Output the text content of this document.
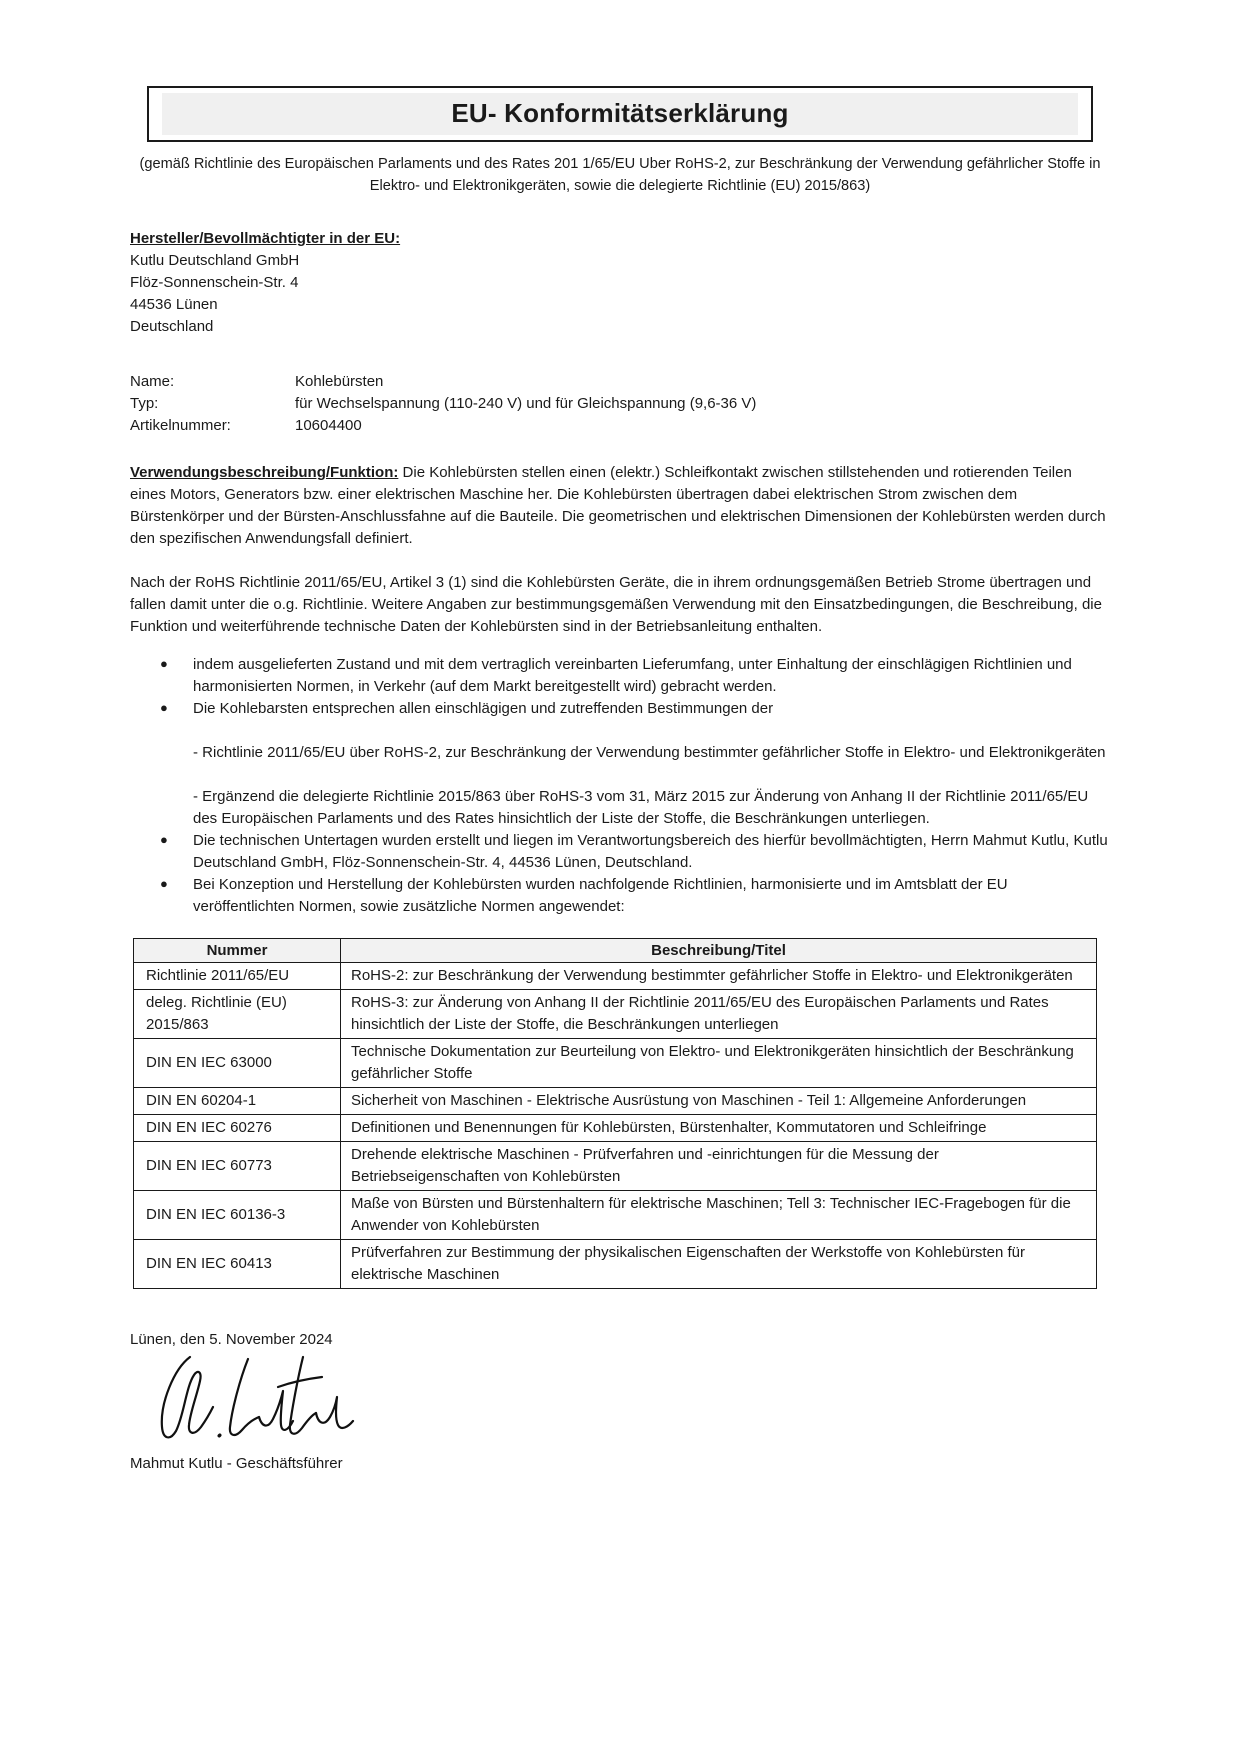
EU- Konformitätserklärung

(gemäß Richtlinie des Europäischen Parlaments und des Rates 201 1/65/EU Uber RoHS-2, zur Beschränkung der Verwendung gefährlicher Stoffe in Elektro- und Elektronikgeräten, sowie die delegierte Richtlinie (EU) 2015/863)

Hersteller/Bevollmächtigter in der EU:
Kutlu Deutschland GmbH
Flöz-Sonnenschein-Str. 4
44536 Lünen
Deutschland
Name:	Kohlebürsten
Typ:	für Wechselspannung (110-240 V) und für Gleichspannung (9,6-36 V)
Artikelnummer:	10604400

Verwendungsbeschreibung/Funktion: Die Kohlebürsten stellen einen (elektr.) Schleifkontakt zwischen stillstehenden und rotierenden Teilen eines Motors, Generators bzw. einer elektrischen Maschine her. Die Kohlebürsten übertragen dabei elektrischen Strom zwischen dem Bürstenkörper und der Bürsten-Anschlussfahne auf die Bauteile. Die geometrischen und elektrischen Dimensionen der Kohlebürsten werden durch den spezifischen Anwendungsfall definiert.

Nach der RoHS Richtlinie 2011/65/EU, Artikel 3 (1) sind die Kohlebürsten Geräte, die in ihrem ordnungsgemäßen Betrieb Strome übertragen und fallen damit unter die o.g. Richtlinie. Weitere Angaben zur bestimmungsgemäßen Verwendung mit den Einsatzbedingungen, die Beschreibung, die Funktion und weiterführende technische Daten der Kohlebürsten sind in der Betriebsanleitung enthalten.

● indem ausgelieferten Zustand und mit dem vertraglich vereinbarten Lieferumfang, unter Einhaltung der einschlägigen Richtlinien und harmonisierten Normen, in Verkehr (auf dem Markt bereitgestellt wird) gebracht werden.
● Die Kohlebarsten entsprechen allen einschlägigen und zutreffenden Bestimmungen der
- Richtlinie 2011/65/EU über RoHS-2, zur Beschränkung der Verwendung bestimmter gefährlicher Stoffe in Elektro- und Elektronikgeräten
- Ergänzend die delegierte Richtlinie 2015/863 über RoHS-3 vom 31, März 2015 zur Änderung von Anhang II der Richtlinie 2011/65/EU des Europäischen Parlaments und des Rates hinsichtlich der Liste der Stoffe, die Beschränkungen unterliegen.
● Die technischen Untertagen wurden erstellt und liegen im Verantwortungsbereich des hierfür bevollmächtigten, Herrn Mahmut Kutlu, Kutlu Deutschland GmbH, Flöz-Sonnenschein-Str. 4, 44536 Lünen, Deutschland.
● Bei Konzeption und Herstellung der Kohlebürsten wurden nachfolgende Richtlinien, harmonisierte und im Amtsblatt der EU veröffentlichten Normen, sowie zusätzliche Normen angewendet:
Nummer	Beschreibung/Titel
Richtlinie 2011/65/EU	RoHS-2: zur Beschränkung der Verwendung bestimmter gefährlicher Stoffe in Elektro- und Elektronikgeräten
deleg. Richtlinie (EU) 2015/863	RoHS-3: zur Änderung von Anhang II der Richtlinie 2011/65/EU des Europäischen Parlaments und Rates hinsichtlich der Liste der Stoffe, die Beschränkungen unterliegen
DIN EN IEC 63000	Technische Dokumentation zur Beurteilung von Elektro- und Elektronikgeräten hinsichtlich der Beschränkung gefährlicher Stoffe
DIN EN 60204-1	Sicherheit von Maschinen - Elektrische Ausrüstung von Maschinen - Teil 1: Allgemeine Anforderungen
DIN EN IEC 60276	Definitionen und Benennungen für Kohlebürsten, Bürstenhalter, Kommutatoren und Schleifringe
DIN EN IEC 60773	Drehende elektrische Maschinen - Prüfverfahren und -einrichtungen für die Messung der Betriebseigenschaften von Kohlebürsten
DIN EN IEC 60136-3	Maße von Bürsten und Bürstenhaltern für elektrische Maschinen; Tell 3: Technischer IEC-Fragebogen für die Anwender von Kohlebürsten
DIN EN IEC 60413	Prüfverfahren zur Bestimmung der physikalischen Eigenschaften der Werkstoffe von Kohlebürsten für elektrische Maschinen
Lünen, den 5. November 2024
Mahmut Kutlu - Geschäftsführer
